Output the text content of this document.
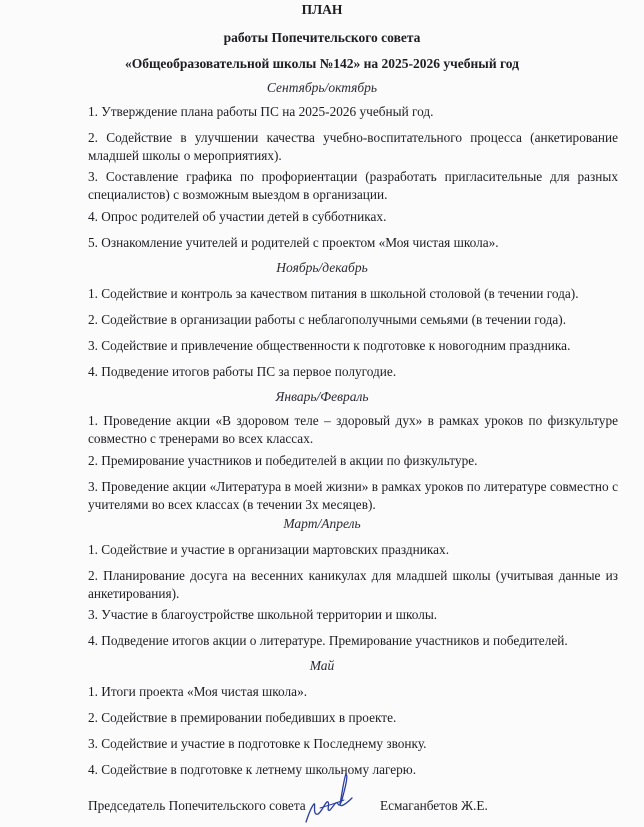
ПЛАН
работы Попечительского совета
«Общеобразовательной школы №142» на 2025-2026 учебный год
Сентябрь/октябрь
1. Утверждение плана работы ПС на 2025-2026 учебный год.
2. Содействие в улучшении качества учебно-воспитательного процесса (анкетирование младшей школы о мероприятиях).
3. Составление графика по профориентации (разработать пригласительные для разных специалистов) с возможным выездом в организации.
4. Опрос родителей об участии детей в субботниках.
5. Ознакомление учителей и родителей с проектом «Моя чистая школа».
Ноябрь/декабрь
1. Содействие и контроль за качеством питания в школьной столовой (в течении года).
2. Содействие в организации работы с неблагополучными семьями (в течении года).
3. Содействие и привлечение общественности к подготовке к новогодним праздника.
4. Подведение итогов работы ПС за первое полугодие.
Январь/Февраль
1. Проведение акции «В здоровом теле – здоровый дух» в рамках уроков по физкультуре совместно с тренерами во всех классах.
2. Премирование участников и победителей в акции по физкультуре.
3. Проведение акции «Литература в моей жизни» в рамках уроков по литературе совместно с учителями во всех классах (в течении 3х месяцев).
Март/Апрель
1. Содействие и участие в организации мартовских праздниках.
2. Планирование досуга на весенних каникулах для младшей школы (учитывая данные из анкетирования).
3. Участие в благоустройстве школьной территории и школы.
4. Подведение итогов акции о литературе. Премирование участников и победителей.
Май
1. Итоги проекта «Моя чистая школа».
2. Содействие в премировании победивших в проекте.
3. Содействие и участие в подготовке к Последнему звонку.
4. Содействие в подготовке к летнему школьному лагерю.
Председатель Попечительского совета	Есмаганбетов Ж.Е.
